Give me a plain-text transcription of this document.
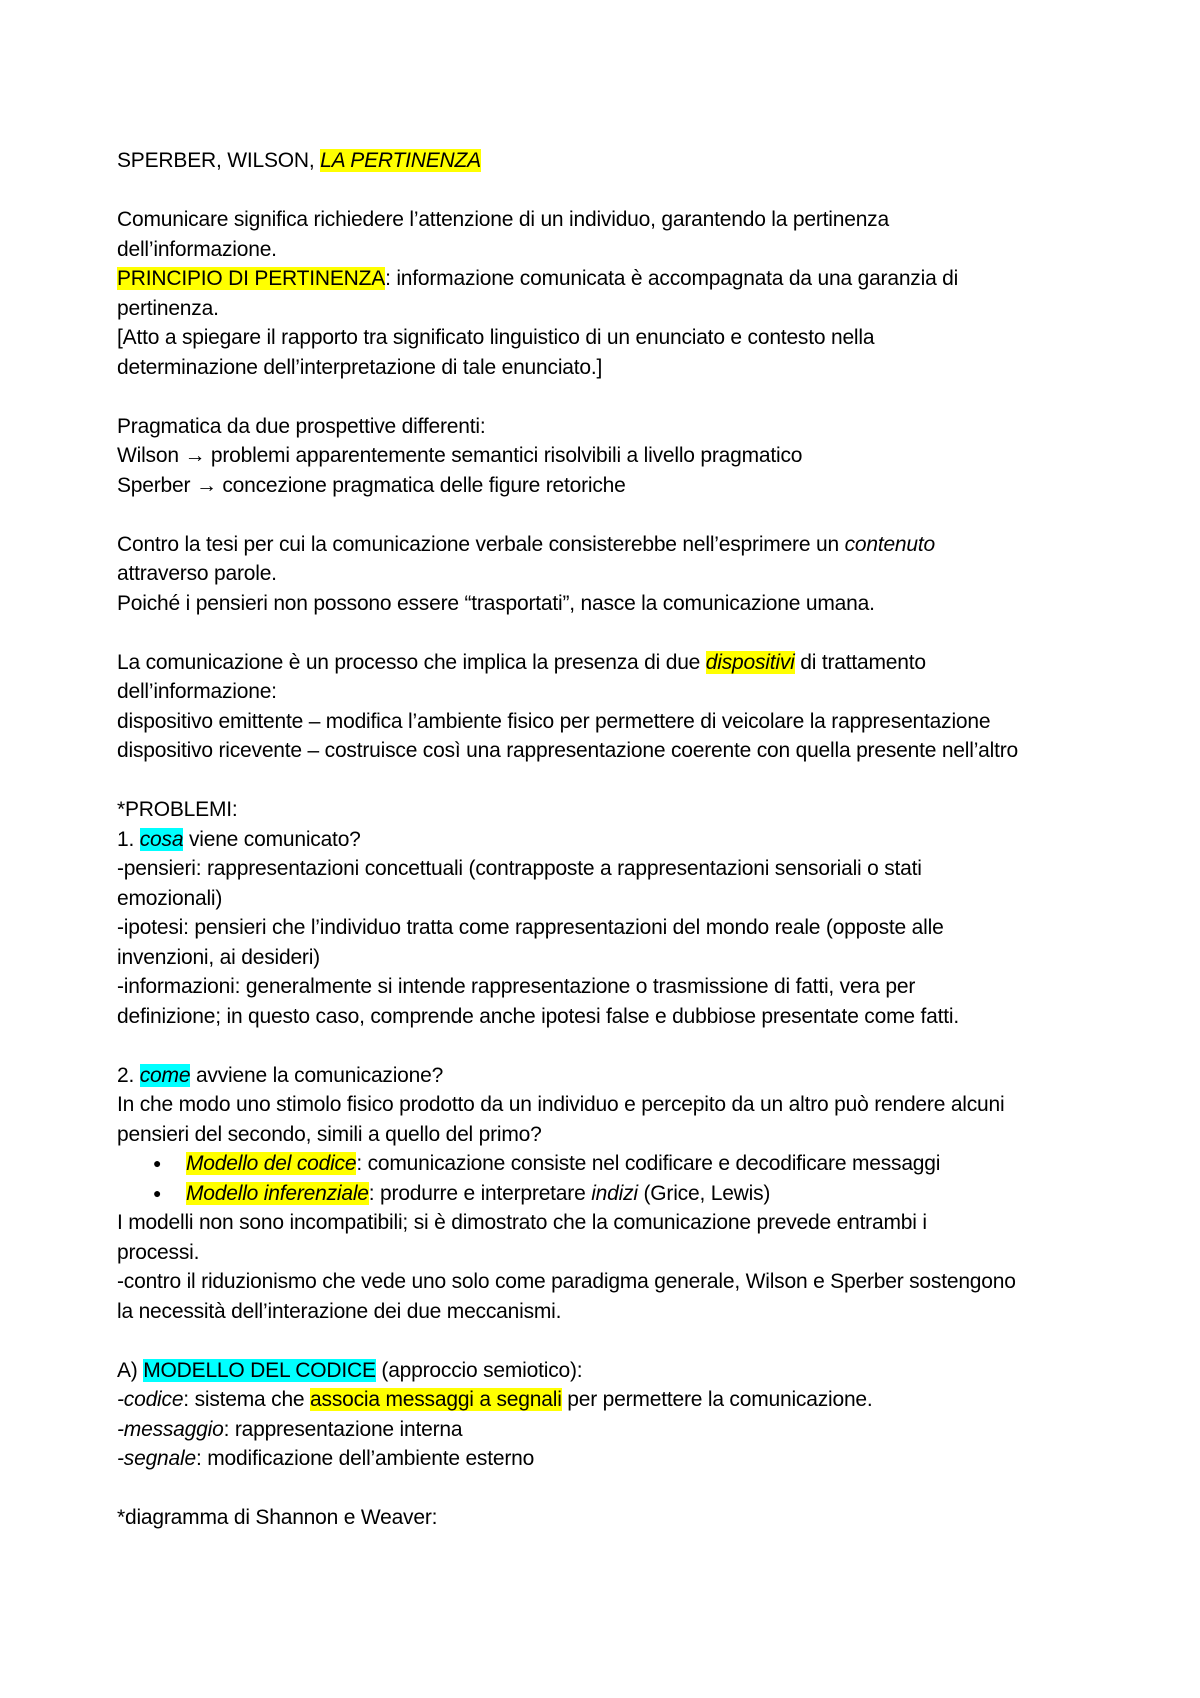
SPERBER, WILSON, LA PERTINENZA
Comunicare significa richiedere l’attenzione di un individuo, garantendo la pertinenza
dell’informazione.
PRINCIPIO DI PERTINENZA: informazione comunicata è accompagnata da una garanzia di
pertinenza.
[Atto a spiegare il rapporto tra significato linguistico di un enunciato e contesto nella
determinazione dell’interpretazione di tale enunciato.]
Pragmatica da due prospettive differenti:
Wilson → problemi apparentemente semantici risolvibili a livello pragmatico
Sperber → concezione pragmatica delle figure retoriche
Contro la tesi per cui la comunicazione verbale consisterebbe nell’esprimere un contenuto
attraverso parole.
Poiché i pensieri non possono essere “trasportati”, nasce la comunicazione umana.
La comunicazione è un processo che implica la presenza di due dispositivi di trattamento
dell’informazione:
dispositivo emittente – modifica l’ambiente fisico per permettere di veicolare la rappresentazione
dispositivo ricevente – costruisce così una rappresentazione coerente con quella presente nell’altro
*PROBLEMI:
1. cosa viene comunicato?
-pensieri: rappresentazioni concettuali (contrapposte a rappresentazioni sensoriali o stati
emozionali)
-ipotesi: pensieri che l’individuo tratta come rappresentazioni del mondo reale (opposte alle
invenzioni, ai desideri)
-informazioni: generalmente si intende rappresentazione o trasmissione di fatti, vera per
definizione; in questo caso, comprende anche ipotesi false e dubbiose presentate come fatti.
2. come avviene la comunicazione?
In che modo uno stimolo fisico prodotto da un individuo e percepito da un altro può rendere alcuni
pensieri del secondo, simili a quello del primo?
● Modello del codice: comunicazione consiste nel codificare e decodificare messaggi
● Modello inferenziale: produrre e interpretare indizi (Grice, Lewis)
I modelli non sono incompatibili; si è dimostrato che la comunicazione prevede entrambi i
processi.
-contro il riduzionismo che vede uno solo come paradigma generale, Wilson e Sperber sostengono
la necessità dell’interazione dei due meccanismi.
A) MODELLO DEL CODICE (approccio semiotico):
-codice: sistema che associa messaggi a segnali per permettere la comunicazione.
-messaggio: rappresentazione interna
-segnale: modificazione dell’ambiente esterno
*diagramma di Shannon e Weaver:
